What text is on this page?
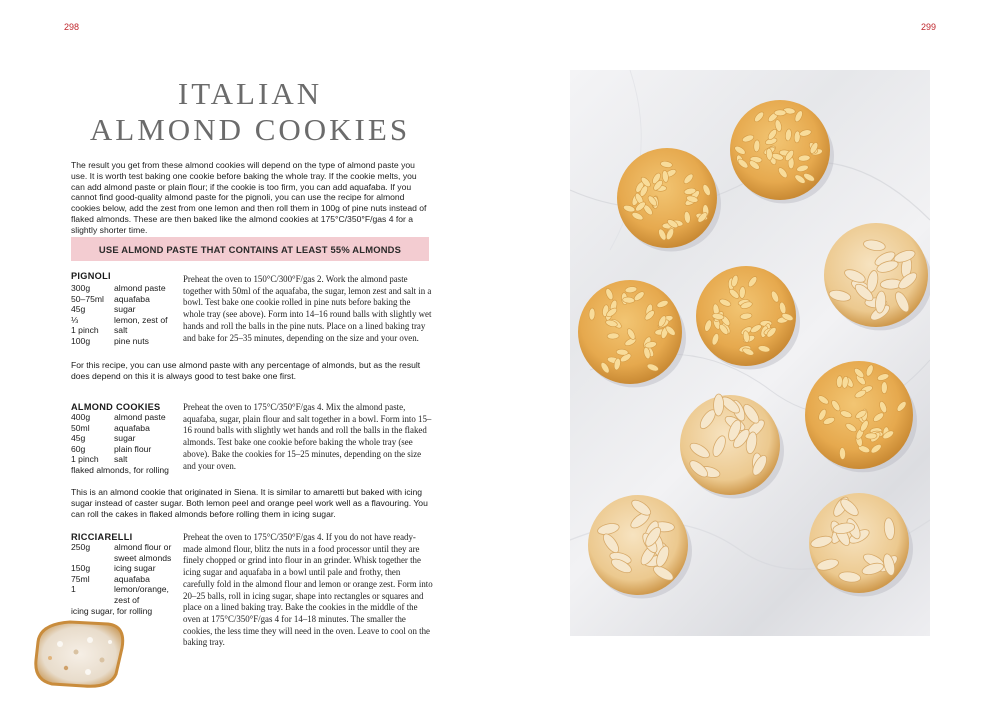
298	299
ITALIAN
ALMOND COOKIES

The result you get from these almond cookies will depend on the type of almond paste you use. It is worth test baking one cookie before baking the whole tray. If the cookie melts, you can add almond paste or plain flour; if the cookie is too firm, you can add aquafaba. If you cannot find good-quality almond paste for the pignoli, you can use the recipe for almond cookies below, add the zest from one lemon and then roll them in 100g of pine nuts instead of flaked almonds. These are then baked like the almond cookies at 175°C/350°F/gas 4 for a slightly shorter time.

USE ALMOND PASTE THAT CONTAINS AT LEAST 55% ALMONDS
PIGNOLI
300g	almond paste
50–75ml	aquafaba
45g	sugar
⅓	lemon, zest of
1 pinch	salt
100g	pine nuts

Preheat the oven to 150°C/300°F/gas 2. Work the almond paste together with 50ml of the aquafaba, the sugar, lemon zest and salt in a bowl. Test bake one cookie rolled in pine nuts before baking the whole tray (see above). Form into 14–16 round balls with slightly wet hands and roll the balls in the pine nuts. Place on a lined baking tray and bake for 25–35 minutes, depending on the size and your oven.

For this recipe, you can use almond paste with any percentage of almonds, but as the result does depend on this it is always good to test bake one first.

ALMOND COOKIES
400g	almond paste
50ml	aquafaba
45g	sugar
60g	plain flour
1 pinch	salt
flaked almonds, for rolling

Preheat the oven to 175°C/350°F/gas 4. Mix the almond paste, aquafaba, sugar, plain flour and salt together in a bowl. Form into 15–16 round balls with slightly wet hands and roll the balls in the flaked almonds. Test bake one cookie before baking the whole tray (see above). Bake the cookies for 15–25 minutes, depending on the size and your oven.

This is an almond cookie that originated in Siena. It is similar to amaretti but baked with icing sugar instead of caster sugar. Both lemon peel and orange peel work well as a flavouring. You can roll the cakes in flaked almonds before rolling them in icing sugar.

RICCIARELLI
250g	almond flour or sweet almonds
150g	icing sugar
75ml	aquafaba
1	lemon/orange, zest of
icing sugar, for rolling

Preheat the oven to 175°C/350°F/gas 4. If you do not have ready-made almond flour, blitz the nuts in a food processor until they are finely chopped or grind into flour in an grinder. Whisk together the icing sugar and aquafaba in a bowl until pale and frothy, then carefully fold in the almond flour and lemon or orange zest. Form into 20–25 balls, roll in icing sugar, shape into rectangles or squares and place on a lined baking tray. Bake the cookies in the middle of the oven at 175°C/350°F/gas 4 for 14–18 minutes. The smaller the cookies, the less time they will need in the oven. Leave to cool on the baking tray.
